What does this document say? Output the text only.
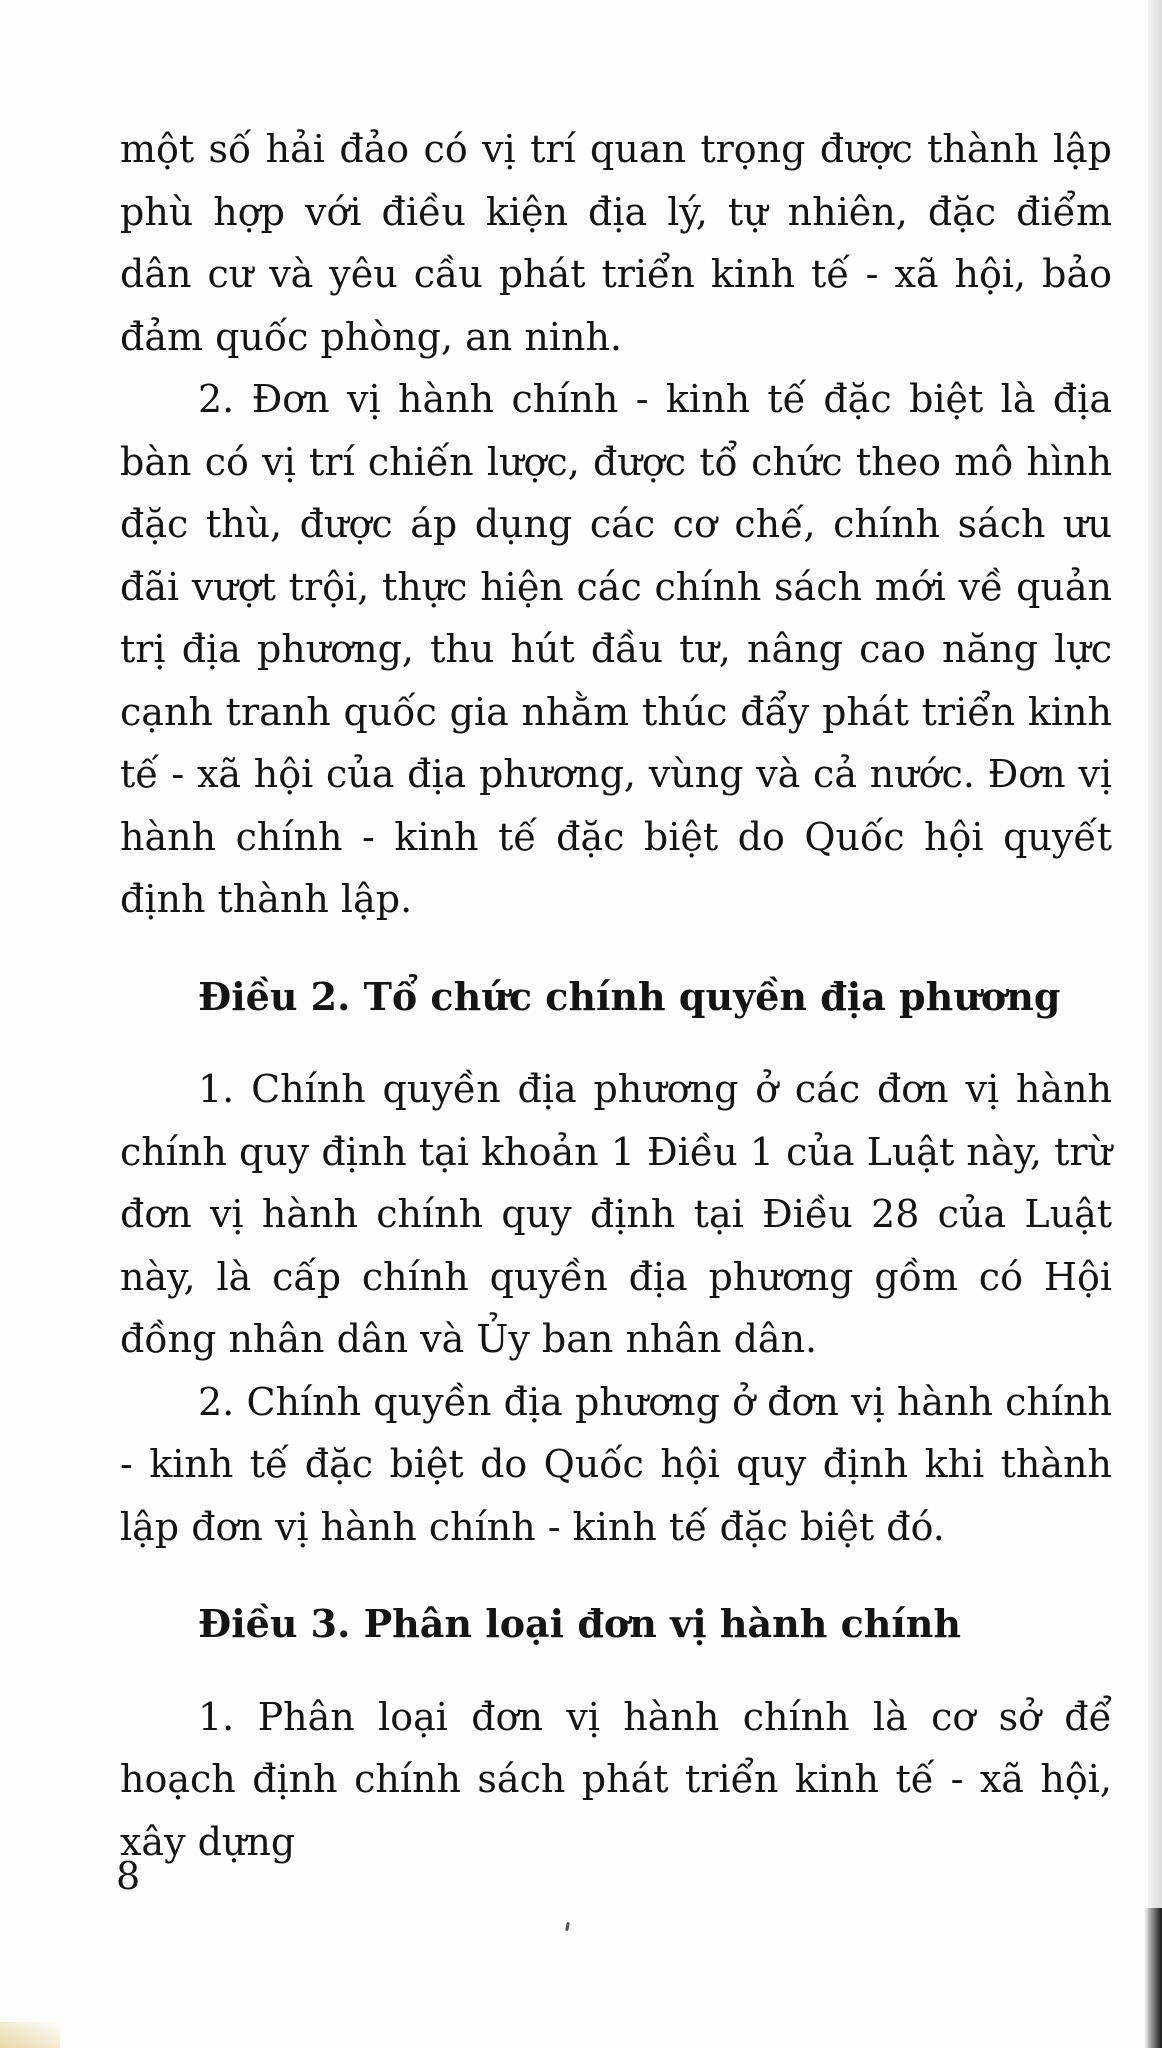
một số hải đảo có vị trí quan trọng được thành lập phù hợp với điều kiện địa lý, tự nhiên, đặc điểm dân cư và yêu cầu phát triển kinh tế - xã hội, bảo đảm quốc phòng, an ninh.

2. Đơn vị hành chính - kinh tế đặc biệt là địa bàn có vị trí chiến lược, được tổ chức theo mô hình đặc thù, được áp dụng các cơ chế, chính sách ưu đãi vượt trội, thực hiện các chính sách mới về quản trị địa phương, thu hút đầu tư, nâng cao năng lực cạnh tranh quốc gia nhằm thúc đẩy phát triển kinh tế - xã hội của địa phương, vùng và cả nước. Đơn vị hành chính - kinh tế đặc biệt do Quốc hội quyết định thành lập.

Điều 2. Tổ chức chính quyền địa phương

1. Chính quyền địa phương ở các đơn vị hành chính quy định tại khoản 1 Điều 1 của Luật này, trừ đơn vị hành chính quy định tại Điều 28 của Luật này, là cấp chính quyền địa phương gồm có Hội đồng nhân dân và Ủy ban nhân dân.

2. Chính quyền địa phương ở đơn vị hành chính - kinh tế đặc biệt do Quốc hội quy định khi thành lập đơn vị hành chính - kinh tế đặc biệt đó.

Điều 3. Phân loại đơn vị hành chính

1. Phân loại đơn vị hành chính là cơ sở để hoạch định chính sách phát triển kinh tế - xã hội, xây dựng

8
